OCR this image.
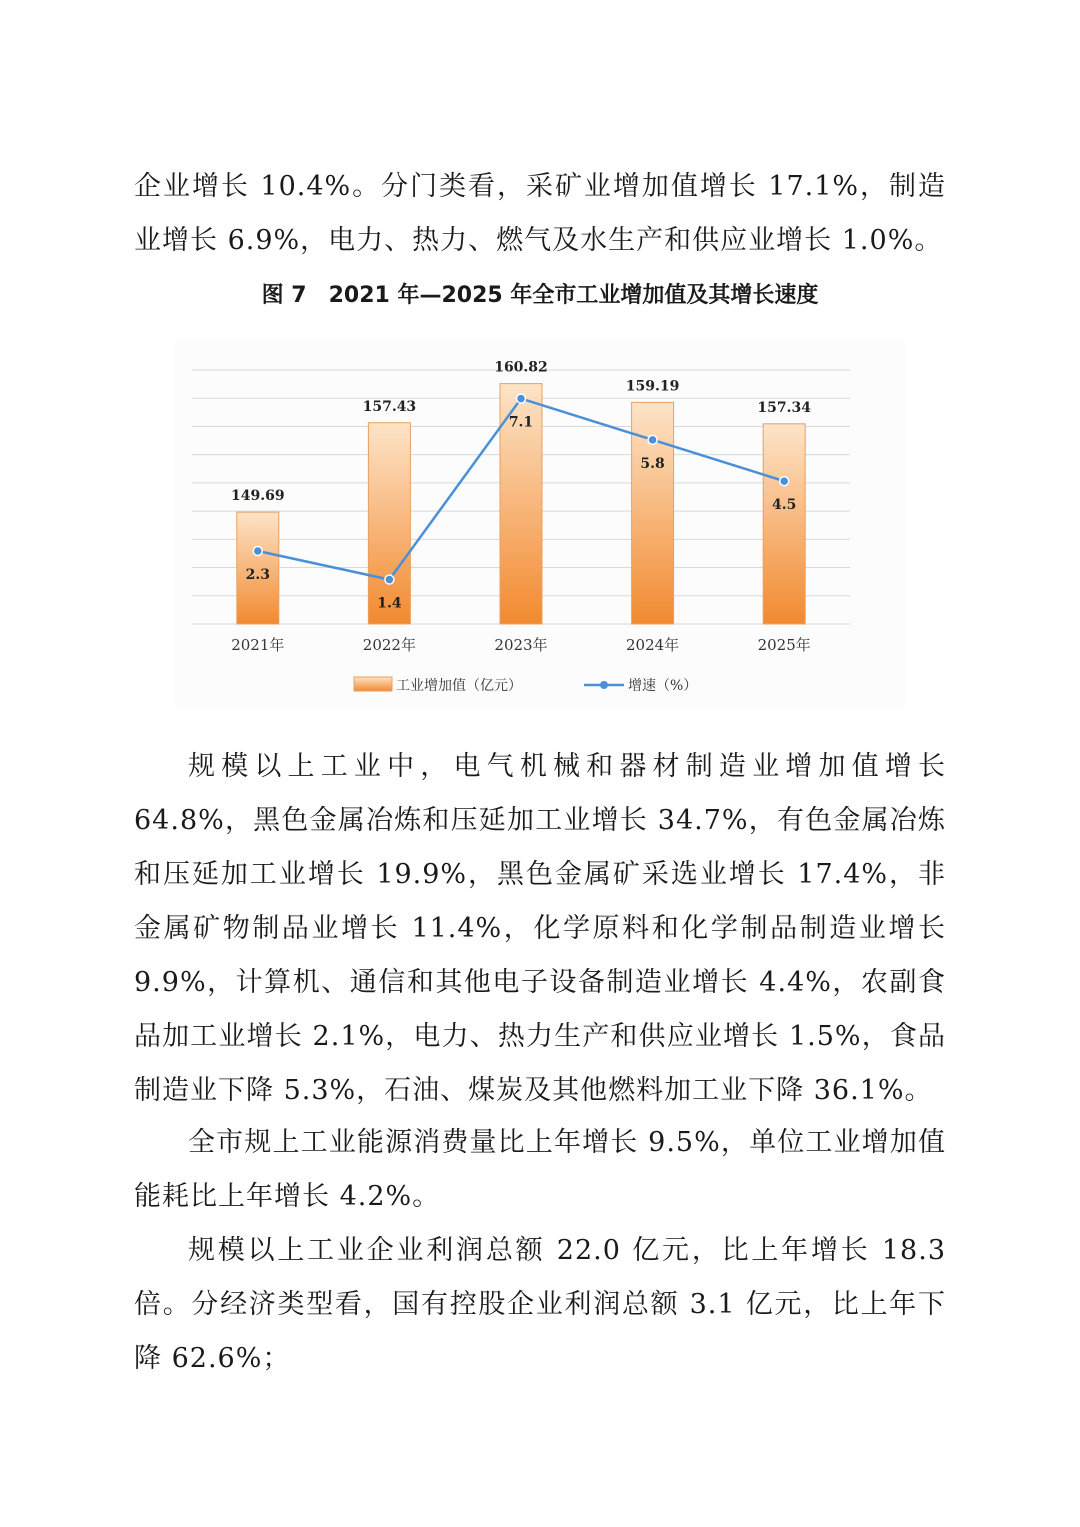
企业增长 10.4%。分门类看，采矿业增加值增长 17.1%，制造业增长 6.9%，电力、热力、燃气及水生产和供应业增长 1.0%。

图 7　2021 年—2025 年全市工业增加值及其增长速度
149.69
157.43
160.82
159.19
157.34
2.3
1.4
7.1
5.8
4.5
2021年	2022年	2023年	2024年	2025年
工业增加值（亿元）	增速（%）

规模以上工业中，电气机械和器材制造业增加值增长 64.8%，黑色金属冶炼和压延加工业增长 34.7%，有色金属冶炼和压延加工业增长 19.9%，黑色金属矿采选业增长 17.4%，非金属矿物制品业增长 11.4%，化学原料和化学制品制造业增长 9.9%，计算机、通信和其他电子设备制造业增长 4.4%，农副食品加工业增长 2.1%，电力、热力生产和供应业增长 1.5%，食品制造业下降 5.3%，石油、煤炭及其他燃料加工业下降 36.1%。

全市规上工业能源消费量比上年增长 9.5%，单位工业增加值能耗比上年增长 4.2%。

规模以上工业企业利润总额 22.0 亿元，比上年增长 18.3 倍。分经济类型看，国有控股企业利润总额 3.1 亿元，比上年下降 62.6%；
